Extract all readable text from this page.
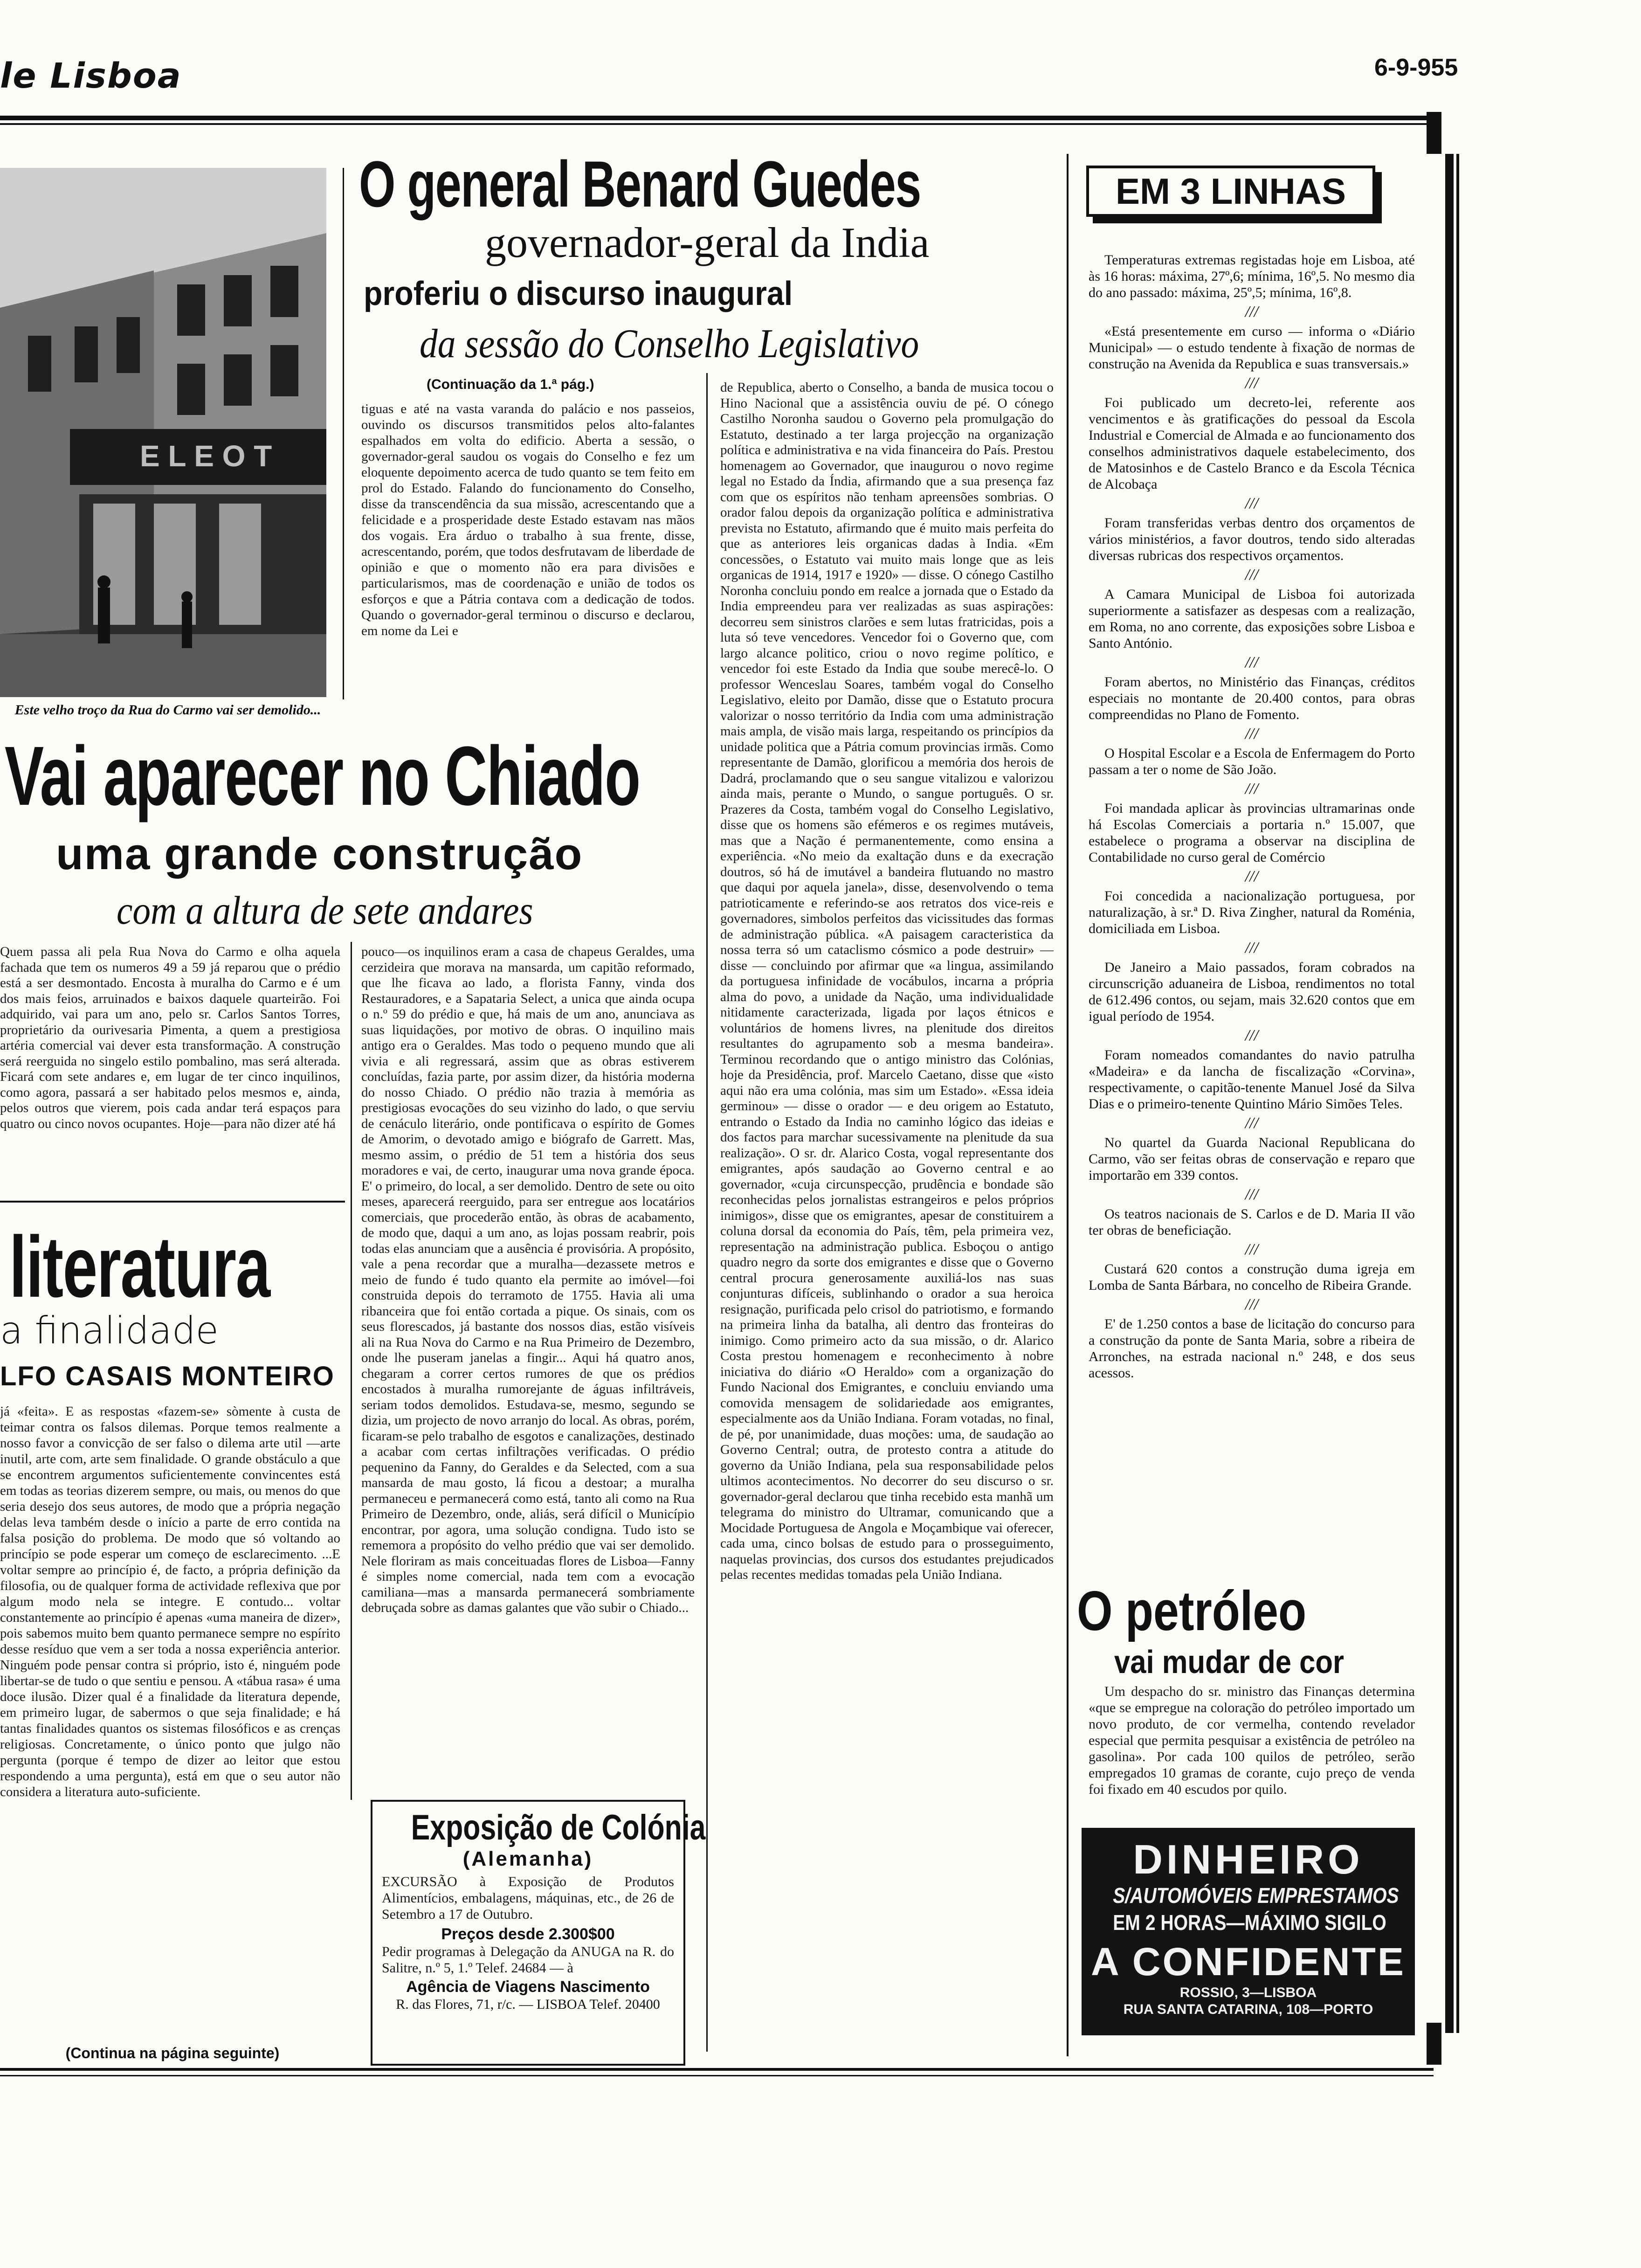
le Lisboa	6-9-955
E L E O T
Este velho troço da Rua do Carmo vai ser demolido...
O general Benard Guedes
governador-geral da India
proferiu o discurso inaugural
da sessão do Conselho Legislativo
(Continuação da 1.ª pág.)
tiguas e até na vasta varanda do palácio e nos passeios, ouvindo os discursos transmitidos pelos alto-falantes espalhados em volta do edificio. Aberta a sessão, o governador-geral saudou os vogais do Conselho e fez um eloquente depoimento acerca de tudo quanto se tem feito em prol do Estado. Falando do funcionamento do Conselho, disse da transcendência da sua missão, acrescentando que a felicidade e a prosperidade deste Estado estavam nas mãos dos vogais. Era árduo o trabalho à sua frente, disse, acrescentando, porém, que todos desfrutavam de liberdade de opinião e que o momento não era para divisões e particularismos, mas de coordenação e união de todos os esforços e que a Pátria contava com a dedicação de todos. Quando o governador-geral terminou o discurso e declarou, em nome da Lei e
de Republica, aberto o Conselho, a banda de musica tocou o Hino Nacional que a assistência ouviu de pé. O cónego Castilho Noronha saudou o Governo pela promulgação do Estatuto, destinado a ter larga projecção na organização política e administrativa e na vida financeira do País. Prestou homenagem ao Governador, que inaugurou o novo regime legal no Estado da Índia, afirmando que a sua presença faz com que os espíritos não tenham apreensões sombrias. O orador falou depois da organização política e administrativa prevista no Estatuto, afirmando que é muito mais perfeita do que as anteriores leis organicas dadas à India. «Em concessões, o Estatuto vai muito mais longe que as leis organicas de 1914, 1917 e 1920» — disse. O cónego Castilho Noronha concluiu pondo em realce a jornada que o Estado da India empreendeu para ver realizadas as suas aspirações: decorreu sem sinistros clarões e sem lutas fratricidas, pois a luta só teve vencedores. Vencedor foi o Governo que, com largo alcance politico, criou o novo regime político, e vencedor foi este Estado da India que soube merecê-lo. O professor Wenceslau Soares, também vogal do Conselho Legislativo, eleito por Damão, disse que o Estatuto procura valorizar o nosso território da India com uma administração mais ampla, de visão mais larga, respeitando os princípios da unidade politica que a Pátria comum provincias irmãs. Como representante de Damão, glorificou a memória dos herois de Dadrá, proclamando que o seu sangue vitalizou e valorizou ainda mais, perante o Mundo, o sangue português. O sr. Prazeres da Costa, também vogal do Conselho Legislativo, disse que os homens são efémeros e os regimes mutáveis, mas que a Nação é permanentemente, como ensina a experiência. «No meio da exaltação duns e da execração doutros, só há de imutável a bandeira flutuando no mastro que daqui por aquela janela», disse, desenvolvendo o tema patrioticamente e referindo-se aos retratos dos vice-reis e governadores, simbolos perfeitos das vicissitudes das formas de administração pública. «A paisagem caracteristica da nossa terra só um cataclismo cósmico a pode destruir» — disse — concluindo por afirmar que «a lingua, assimilando da portuguesa infinidade de vocábulos, incarna a própria alma do povo, a unidade da Nação, uma individualidade nitidamente caracterizada, ligada por laços étnicos e voluntários de homens livres, na plenitude dos direitos resultantes do agrupamento sob a mesma bandeira». Terminou recordando que o antigo ministro das Colónias, hoje da Presidência, prof. Marcelo Caetano, disse que «isto aqui não era uma colónia, mas sim um Estado». «Essa ideia germinou» — disse o orador — e deu origem ao Estatuto, entrando o Estado da India no caminho lógico das ideias e dos factos para marchar sucessivamente na plenitude da sua realização». O sr. dr. Alarico Costa, vogal representante dos emigrantes, após saudação ao Governo central e ao governador, «cuja circunspecção, prudência e bondade são reconhecidas pelos jornalistas estrangeiros e pelos próprios inimigos», disse que os emigrantes, apesar de constituirem a coluna dorsal da economia do País, têm, pela primeira vez, representação na administração publica. Esboçou o antigo quadro negro da sorte dos emigrantes e disse que o Governo central procura generosamente auxiliá-los nas suas conjunturas difíceis, sublinhando o orador a sua heroica resignação, purificada pelo crisol do patriotismo, e formando na primeira linha da batalha, ali dentro das fronteiras do inimigo. Como primeiro acto da sua missão, o dr. Alarico Costa prestou homenagem e reconhecimento à nobre iniciativa do diário «O Heraldo» com a organização do Fundo Nacional dos Emigrantes, e concluiu enviando uma comovida mensagem de solidariedade aos emigrantes, especialmente aos da União Indiana. Foram votadas, no final, de pé, por unanimidade, duas moções: uma, de saudação ao Governo Central; outra, de protesto contra a atitude do governo da União Indiana, pela sua responsabilidade pelos ultimos acontecimentos. No decorrer do seu discurso o sr. governador-geral declarou que tinha recebido esta manhã um telegrama do ministro do Ultramar, comunicando que a Mocidade Portuguesa de Angola e Moçambique vai oferecer, cada uma, cinco bolsas de estudo para o prosseguimento, naquelas provincias, dos cursos dos estudantes prejudicados pelas recentes medidas tomadas pela União Indiana.
Vai aparecer no Chiado
uma grande construção
com a altura de sete andares
Quem passa ali pela Rua Nova do Carmo e olha aquela fachada que tem os numeros 49 a 59 já reparou que o prédio está a ser desmontado. Encosta à muralha do Carmo e é um dos mais feios, arruinados e baixos daquele quarteirão. Foi adquirido, vai para um ano, pelo sr. Carlos Santos Torres, proprietário da ourivesaria Pimenta, a quem a prestigiosa artéria comercial vai dever esta transformação. A construção será reerguida no singelo estilo pombalino, mas será alterada. Ficará com sete andares e, em lugar de ter cinco inquilinos, como agora, passará a ser habitado pelos mesmos e, ainda, pelos outros que vierem, pois cada andar terá espaços para quatro ou cinco novos ocupantes. Hoje—para não dizer até há
pouco—os inquilinos eram a casa de chapeus Geraldes, uma cerzideira que morava na mansarda, um capitão reformado, que lhe ficava ao lado, a florista Fanny, vinda dos Restauradores, e a Sapataria Select, a unica que ainda ocupa o n.º 59 do prédio e que, há mais de um ano, anunciava as suas liquidações, por motivo de obras. O inquilino mais antigo era o Geraldes. Mas todo o pequeno mundo que ali vivia e ali regressará, assim que as obras estiverem concluídas, fazia parte, por assim dizer, da história moderna do nosso Chiado. O prédio não trazia à memória as prestigiosas evocações do seu vizinho do lado, o que serviu de cenáculo literário, onde pontificava o espírito de Gomes de Amorim, o devotado amigo e biógrafo de Garrett. Mas, mesmo assim, o prédio de 51 tem a história dos seus moradores e vai, de certo, inaugurar uma nova grande época. E' o primeiro, do local, a ser demolido. Dentro de sete ou oito meses, aparecerá reerguido, para ser entregue aos locatários comerciais, que procederão então, às obras de acabamento, de modo que, daqui a um ano, as lojas possam reabrir, pois todas elas anunciam que a ausência é provisória. A propósito, vale a pena recordar que a muralha—dezassete metros e meio de fundo é tudo quanto ela permite ao imóvel—foi construida depois do terramoto de 1755. Havia ali uma ribanceira que foi então cortada a pique. Os sinais, com os seus florescados, já bastante dos nossos dias, estão visíveis ali na Rua Nova do Carmo e na Rua Primeiro de Dezembro, onde lhe puseram janelas a fingir... Aqui há quatro anos, chegaram a correr certos rumores de que os prédios encostados à muralha rumorejante de águas infiltráveis, seriam todos demolidos. Estudava-se, mesmo, segundo se dizia, um projecto de novo arranjo do local. As obras, porém, ficaram-se pelo trabalho de esgotos e canalizações, destinado a acabar com certas infiltrações verificadas. O prédio pequenino da Fanny, do Geraldes e da Selected, com a sua mansarda de mau gosto, lá ficou a destoar; a muralha permaneceu e permanecerá como está, tanto ali como na Rua Primeiro de Dezembro, onde, aliás, será difícil o Município encontrar, por agora, uma solução condigna. Tudo isto se rememora a propósito do velho prédio que vai ser demolido. Nele floriram as mais conceituadas flores de Lisboa—Fanny é simples nome comercial, nada tem com a evocação camiliana—mas a mansarda permanecerá sombriamente debruçada sobre as damas galantes que vão subir o Chiado...
literatura
a finalidade
LFO CASAIS MONTEIRO
já «feita». E as respostas «fazem-se» sòmente à custa de teimar contra os falsos dilemas. Porque temos realmente a nosso favor a convicção de ser falso o dilema arte util —arte inutil, arte com, arte sem finalidade. O grande obstáculo a que se encontrem argumentos suficientemente convincentes está em todas as teorias dizerem sempre, ou mais, ou menos do que seria desejo dos seus autores, de modo que a própria negação delas leva também desde o início a parte de erro contida na falsa posição do problema. De modo que só voltando ao princípio se pode esperar um começo de esclarecimento. ...E voltar sempre ao princípio é, de facto, a própria definição da filosofia, ou de qualquer forma de actividade reflexiva que por algum modo nela se integre. E contudo... voltar constantemente ao princípio é apenas «uma maneira de dizer», pois sabemos muito bem quanto permanece sempre no espírito desse resíduo que vem a ser toda a nossa experiência anterior. Ninguém pode pensar contra si próprio, isto é, ninguém pode libertar-se de tudo o que sentiu e pensou. A «tábua rasa» é uma doce ilusão. Dizer qual é a finalidade da literatura depende, em primeiro lugar, de sabermos o que seja finalidade; e há tantas finalidades quantos os sistemas filosóficos e as crenças religiosas. Concretamente, o único ponto que julgo não pergunta (porque é tempo de dizer ao leitor que estou respondendo a uma pergunta), está em que o seu autor não considera a literatura auto-suficiente.
(Continua na página seguinte)
Exposição de Colónia
(Alemanha)
EXCURSÃO à Exposição de Produtos Alimentícios, embalagens, máquinas, etc., de 26 de Setembro a 17 de Outubro.
Preços desde 2.300$00
Pedir programas à Delegação da ANUGA na R. do Salitre, n.º 5, 1.º Telef. 24684 — à
Agência de Viagens Nascimento
R. das Flores, 71, r/c. — LISBOA Telef. 20400
EM 3 LINHAS

Temperaturas extremas registadas hoje em Lisboa, até às 16 horas: máxima, 27º,6; mínima, 16º,5. No mesmo dia do ano passado: máxima, 25º,5; mínima, 16º,8.

///

«Está presentemente em curso — informa o «Diário Municipal» — o estudo tendente à fixação de normas de construção na Avenida da Republica e suas transversais.»

///

Foi publicado um decreto-lei, referente aos vencimentos e às gratificações do pessoal da Escola Industrial e Comercial de Almada e ao funcionamento dos conselhos administrativos daquele estabelecimento, dos de Matosinhos e de Castelo Branco e da Escola Técnica de Alcobaça

///

Foram transferidas verbas dentro dos orçamentos de vários ministérios, a favor doutros, tendo sido alteradas diversas rubricas dos respectivos orçamentos.

///

A Camara Municipal de Lisboa foi autorizada superiormente a satisfazer as despesas com a realização, em Roma, no ano corrente, das exposições sobre Lisboa e Santo António.

///

Foram abertos, no Ministério das Finanças, créditos especiais no montante de 20.400 contos, para obras compreendidas no Plano de Fomento.

///

O Hospital Escolar e a Escola de Enfermagem do Porto passam a ter o nome de São João.

///

Foi mandada aplicar às provincias ultramarinas onde há Escolas Comerciais a portaria n.º 15.007, que estabelece o programa a observar na disciplina de Contabilidade no curso geral de Comércio

///

Foi concedida a nacionalização portuguesa, por naturalização, à sr.ª D. Riva Zingher, natural da Roménia, domiciliada em Lisboa.

///

De Janeiro a Maio passados, foram cobrados na circunscrição aduaneira de Lisboa, rendimentos no total de 612.496 contos, ou sejam, mais 32.620 contos que em igual período de 1954.

///

Foram nomeados comandantes do navio patrulha «Madeira» e da lancha de fiscalização «Corvina», respectivamente, o capitão-tenente Manuel José da Silva Dias e o primeiro-tenente Quintino Mário Simões Teles.

///

No quartel da Guarda Nacional Republicana do Carmo, vão ser feitas obras de conservação e reparo que importarão em 339 contos.

///

Os teatros nacionais de S. Carlos e de D. Maria II vão ter obras de beneficiação.

///

Custará 620 contos a construção duma igreja em Lomba de Santa Bárbara, no concelho de Ribeira Grande.

///

E' de 1.250 contos a base de licitação do concurso para a construção da ponte de Santa Maria, sobre a ribeira de Arronches, na estrada nacional n.º 248, e dos seus acessos.

O petróleo
vai mudar de cor
Um despacho do sr. ministro das Finanças determina «que se empregue na coloração do petróleo importado um novo produto, de cor vermelha, contendo revelador especial que permita pesquisar a existência de petróleo na gasolina». Por cada 100 quilos de petróleo, serão empregados 10 gramas de corante, cujo preço de venda foi fixado em 40 escudos por quilo.
DINHEIRO
S/AUTOMÓVEIS EMPRESTAMOS
EM 2 HORAS—MÁXIMO SIGILO
A CONFIDENTE
ROSSIO, 3—LISBOA
RUA SANTA CATARINA, 108—PORTO
